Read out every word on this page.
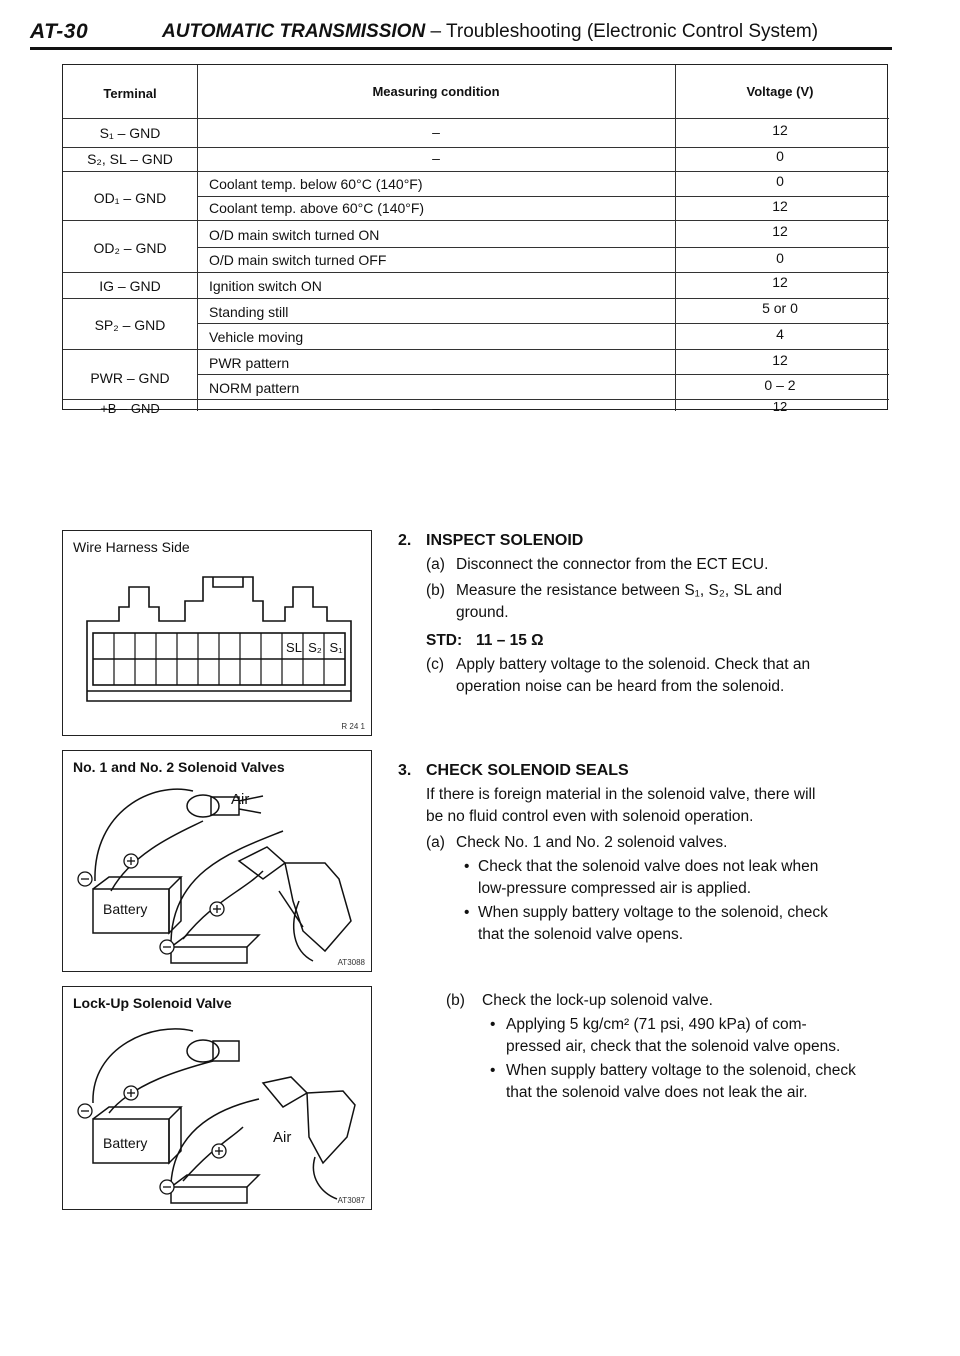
AT-30	AUTOMATIC TRANSMISSION – Troubleshooting (Electronic Control System)
Terminal	Measuring condition	Voltage (V)
S₁ – GND	–	12
S₂, SL – GND	–	0
OD₁ – GND
Coolant temp. below 60°C (140°F)	0
Coolant temp. above 60°C (140°F)	12
OD₂ – GND
O/D main switch turned ON	12
O/D main switch turned OFF	0
IG – GND	Ignition switch ON	12
SP₂ – GND
Standing still	5 or 0
Vehicle moving	4
PWR – GND
PWR pattern	12
NORM pattern	0 – 2
+B – GND	–	12
Wire Harness Side
SL S₂ S₁
R 24 1
No. 1 and No. 2 Solenoid Valves
Air
Battery
AT3088
Lock-Up Solenoid Valve
Air
Battery
AT3087
2. INSPECT SOLENOID
(a) Disconnect the connector from the ECT ECU.
(b) Measure the resistance between S₁, S₂, SL and
ground.
STD: 11 – 15 Ω
(c) Apply battery voltage to the solenoid. Check that an
operation noise can be heard from the solenoid.
3. CHECK SOLENOID SEALS
If there is foreign material in the solenoid valve, there will
be no fluid control even with solenoid operation.
(a) Check No. 1 and No. 2 solenoid valves.
• Check that the solenoid valve does not leak when
low-pressure compressed air is applied.
• When supply battery voltage to the solenoid, check
that the solenoid valve opens.
(b) Check the lock-up solenoid valve.
• Applying 5 kg/cm² (71 psi, 490 kPa) of com-
pressed air, check that the solenoid valve opens.
• When supply battery voltage to the solenoid, check
that the solenoid valve does not leak the air.
